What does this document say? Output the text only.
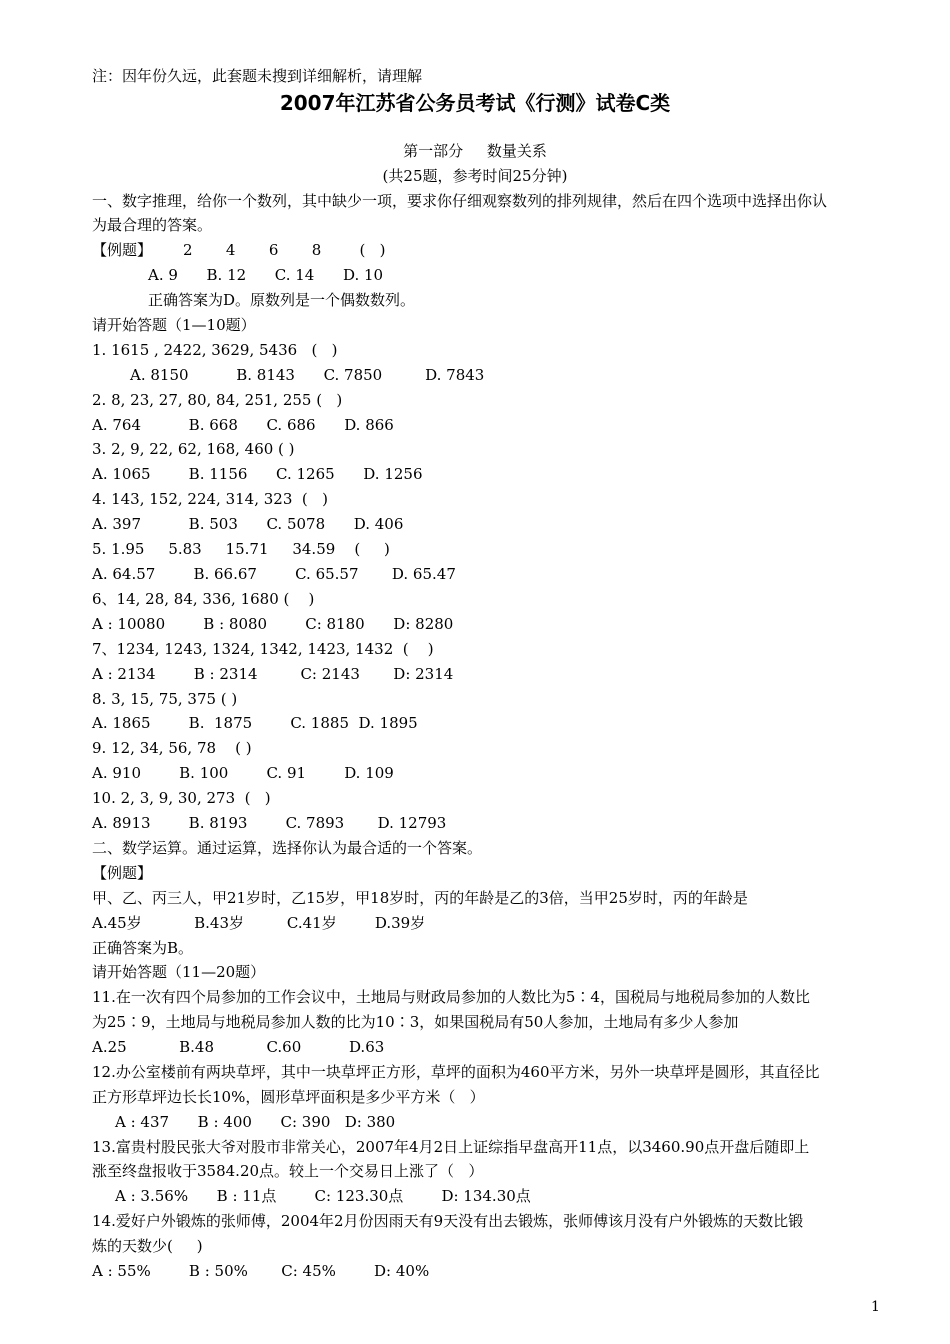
注：因年份久远，此套题未搜到详细解析，请理解
2007年江苏省公务员考试《行测》试卷C类
第一部分     数量关系
(共25题，参考时间25分钟)
一、数字推理，给你一个数列，其中缺少一项，要求你仔细观察数列的排列规律，然后在四个选项中选择出你认
为最合理的答案。
【例题】 2       4       6       8        (   )
A. 9      B. 12      C. 14      D. 10
正确答案为D。原数列是一个偶数数列。
请开始答题（1—10题）
1. 1615 , 2422, 3629, 5436   (   )
A. 8150          B. 8143      C. 7850         D. 7843
2. 8, 23, 27, 80, 84, 251, 255 (   )
A. 764          B. 668      C. 686      D. 866
3. 2, 9, 22, 62, 168, 460 ( )
A. 1065        B. 1156      C. 1265      D. 1256
4. 143, 152, 224, 314, 323  (   )
A. 397          B. 503      C. 5078      D. 406
5. 1.95     5.83     15.71     34.59    (     )
A. 64.57        B. 66.67        C. 65.57       D. 65.47
6、14, 28, 84, 336, 1680 (    )
A : 10080        B : 8080        C: 8180      D: 8280
7、1234, 1243, 1324, 1342, 1423, 1432  (    )
A : 2134        B : 2314         C: 2143       D: 2314
8. 3, 15, 75, 375 ( )
A. 1865        B.  1875        C. 1885  D. 1895
9. 12, 34, 56, 78    ( )
A. 910        B. 100        C. 91        D. 109
10. 2, 3, 9, 30, 273  (   )
A. 8913        B. 8193        C. 7893       D. 12793
二、数学运算。通过运算，选择你认为最合适的一个答案。
【例题】
甲、乙、丙三人，甲21岁时，乙15岁，甲18岁时，丙的年龄是乙的3倍，当甲25岁时，丙的年龄是
A.45岁           B.43岁         C.41岁        D.39岁
正确答案为B。
请开始答题（11—20题）
11.在一次有四个局参加的工作会议中，土地局与财政局参加的人数比为5∶4，国税局与地税局参加的人数比
为25∶9，土地局与地税局参加人数的比为10∶3，如果国税局有50人参加，土地局有多少人参加
A.25           B.48           C.60          D.63
12.办公室楼前有两块草坪，其中一块草坪正方形，草坪的面积为460平方米，另外一块草坪是圆形，其直径比
正方形草坪边长长10%，圆形草坪面积是多少平方米（   ）
A : 437      B : 400      C: 390   D: 380
13.富贵村股民张大爷对股市非常关心，2007年4月2日上证综指早盘高开11点，以3460.90点开盘后随即上
涨至终盘报收于3584.20点。较上一个交易日上涨了（   ）
A : 3.56%      B : 11点        C: 123.30点        D: 134.30点
14.爱好户外锻炼的张师傅，2004年2月份因雨天有9天没有出去锻炼，张师傅该月没有户外锻炼的天数比锻
炼的天数少(     )
A : 55%        B : 50%       C: 45%        D: 40%
1
